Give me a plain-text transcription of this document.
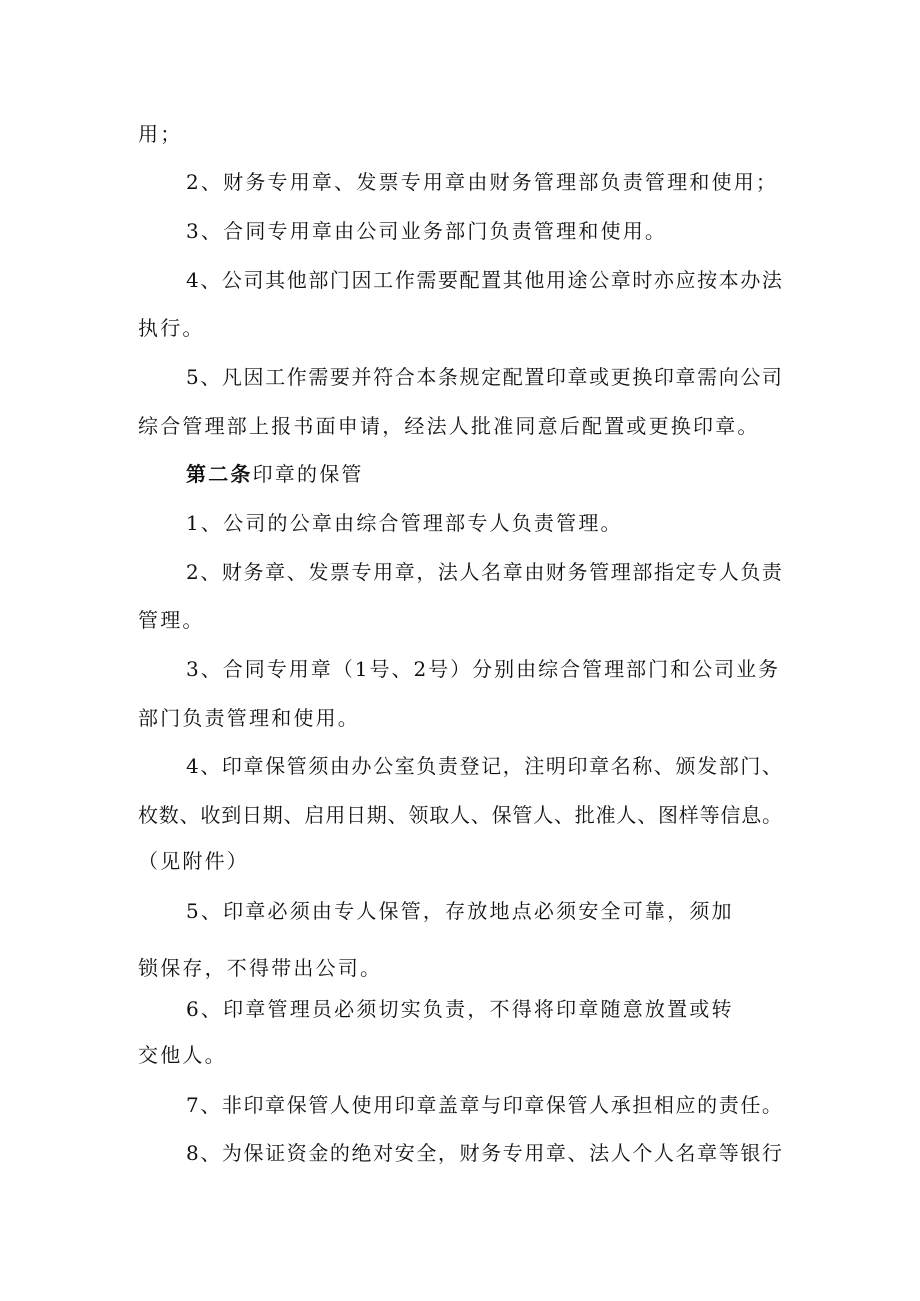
用；
2、财务专用章、发票专用章由财务管理部负责管理和使用；
3、合同专用章由公司业务部门负责管理和使用。
4、公司其他部门因工作需要配置其他用途公章时亦应按本办法
执行。
5、凡因工作需要并符合本条规定配置印章或更换印章需向公司
综合管理部上报书面申请，经法人批准同意后配置或更换印章。
第二条印章的保管
1、公司的公章由综合管理部专人负责管理。
2、财务章、发票专用章，法人名章由财务管理部指定专人负责
管理。
3、合同专用章（1号、2号）分别由综合管理部门和公司业务
部门负责管理和使用。
4、印章保管须由办公室负责登记，注明印章名称、颁发部门、
枚数、收到日期、启用日期、领取人、保管人、批准人、图样等信息。
（见附件）
5、印章必须由专人保管，存放地点必须安全可靠，须加
锁保存，不得带出公司。
6、印章管理员必须切实负责，不得将印章随意放置或转
交他人。
7、非印章保管人使用印章盖章与印章保管人承担相应的责任。
8、为保证资金的绝对安全，财务专用章、法人个人名章等银行
